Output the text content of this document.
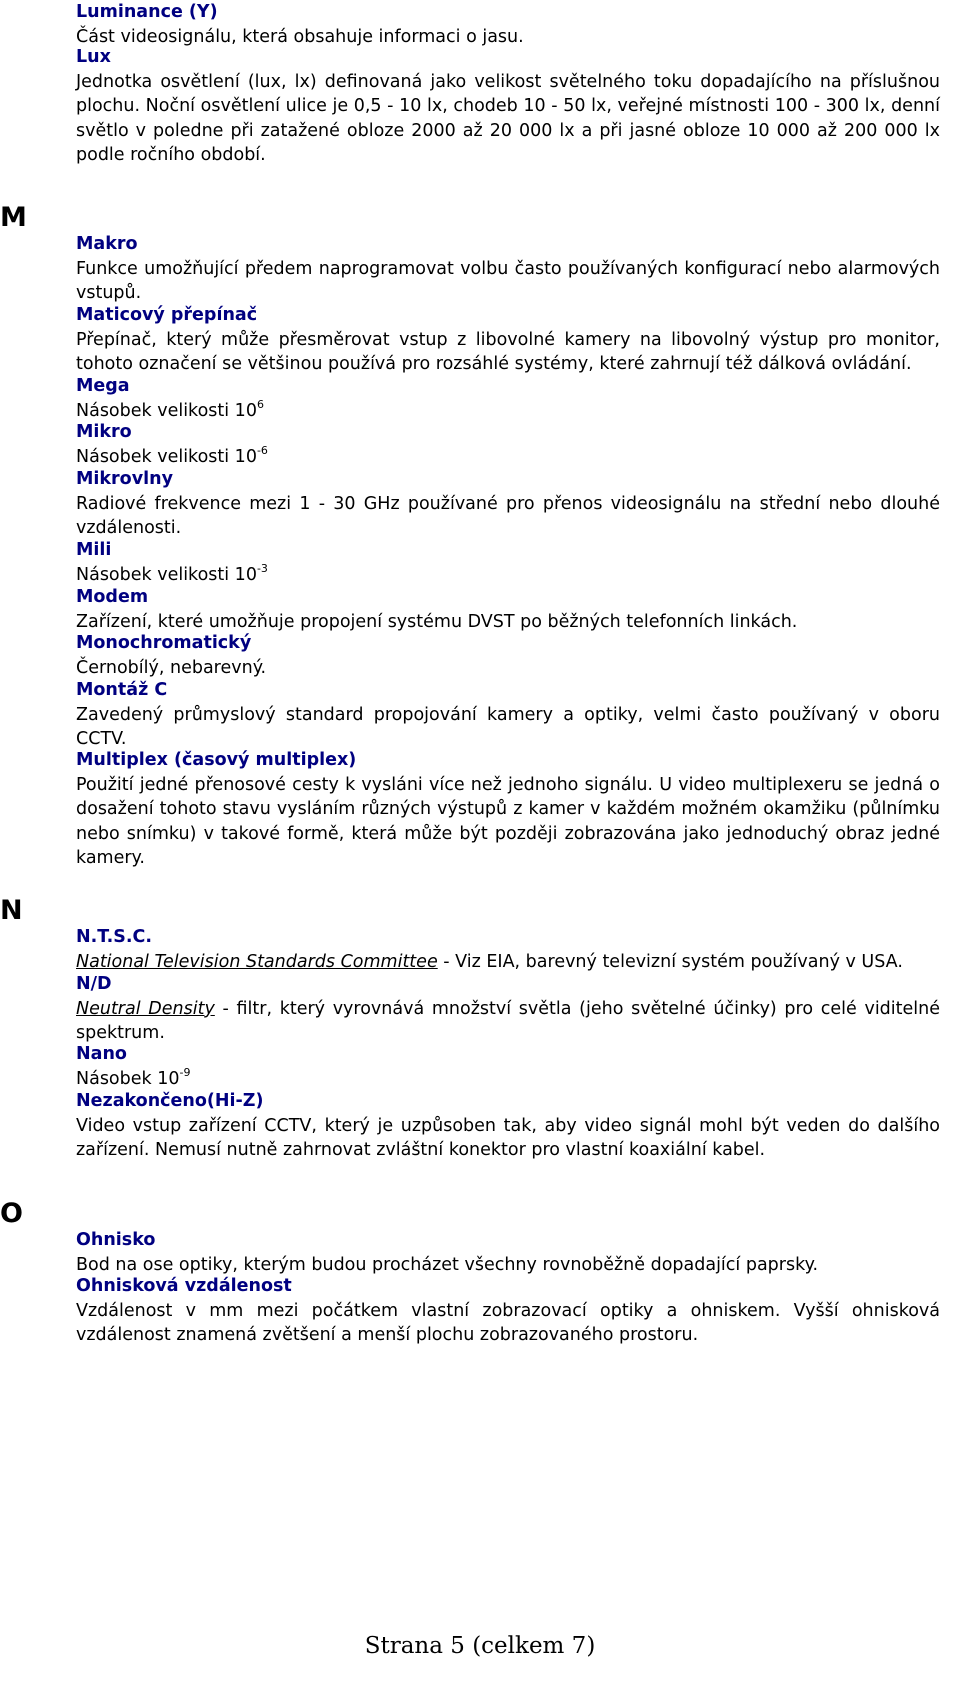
M
N
O
Luminance (Y)
Část videosignálu, která obsahuje informaci o jasu.
Lux
Jednotka osvětlení (lux, lx) definovaná jako velikost světelného toku dopadajícího na příslušnou plochu. Noční osvětlení ulice je 0,5 - 10 lx, chodeb 10 - 50 lx, veřejné místnosti 100 - 300 lx, denní světlo v poledne při zatažené obloze 2000 až 20 000 lx a při jasné obloze 10 000 až 200 000 lx podle ročního období.
Makro
Funkce umožňující předem naprogramovat volbu často používaných konfigurací nebo alarmových vstupů.
Maticový přepínač
Přepínač, který může přesměrovat vstup z libovolné kamery na libovolný výstup pro monitor, tohoto označení se většinou používá pro rozsáhlé systémy, které zahrnují též dálková ovládání.
Mega
Násobek velikosti $10^6$
Mikro
Násobek velikosti $10^{-6}$
Mikrovlny
Radiové frekvence mezi 1 - 30 GHz používané pro přenos videosignálu na střední nebo dlouhé vzdálenosti.
Mili
Násobek velikosti $10^{-3}$
Modem
Zařízení, které umožňuje propojení systému DVST po běžných telefonních linkách.
Monochromatický
Černobílý, nebarevný.
Montáž C
Zavedený průmyslový standard propojování kamery a optiky, velmi často používaný v oboru CCTV.
Multiplex (časový multiplex)
Použití jedné přenosové cesty k vysláni více než jednoho signálu. U video multiplexeru se jedná o dosažení tohoto stavu vysláním různých výstupů z kamer v každém možném okamžiku (půlnímku nebo snímku) v takové formě, která může být později zobrazována jako jednoduchý obraz jedné kamery.
N.T.S.C.
National Television Standards Committee - Viz EIA, barevný televizní systém používaný v USA.
N/D
Neutral Density - filtr, který vyrovnává množství světla (jeho světelné účinky) pro celé viditelné spektrum.
Nano
Násobek $10^{-9}$
Nezakončeno(Hi-Z)
Video vstup zařízení CCTV, který je uzpůsoben tak, aby video signál mohl být veden do dalšího zařízení. Nemusí nutně zahrnovat zvláštní konektor pro vlastní koaxiální kabel.
Ohnisko
Bod na ose optiky, kterým budou procházet všechny rovnoběžně dopadající paprsky.
Ohnisková vzdálenost
Vzdálenost v mm mezi počátkem vlastní zobrazovací optiky a ohniskem. Vyšší ohnisková vzdálenost znamená zvětšení a menší plochu zobrazovaného prostoru.
Strana 5 (celkem 7)
